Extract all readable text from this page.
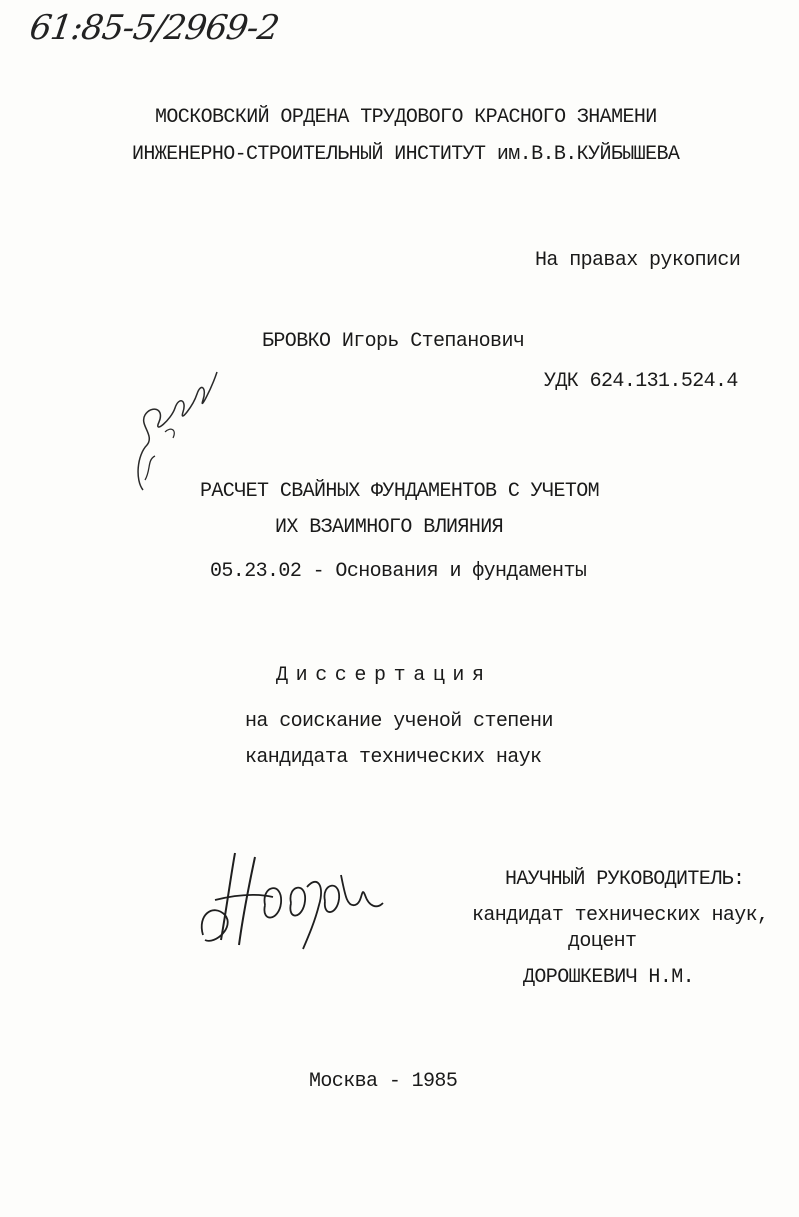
61:85-5/2969-2
МОСКОВСКИЙ ОРДЕНА ТРУДОВОГО КРАСНОГО ЗНАМЕНИ
ИНЖЕНЕРНО-СТРОИТЕЛЬНЫЙ ИНСТИТУТ им.В.В.КУЙБЫШЕВА
На правах рукописи
БРОВКО Игорь Степанович
УДК 624.131.524.4
РАСЧЕТ СВАЙНЫХ ФУНДАМЕНТОВ С УЧЕТОМ
ИХ ВЗАИМНОГО ВЛИЯНИЯ
05.23.02 - Основания и фундаменты
Диссертация
на соискание ученой степени
кандидата технических наук
НАУЧНЫЙ РУКОВОДИТЕЛЬ:
кандидат технических наук,
доцент
ДОРОШКЕВИЧ Н.М.
Москва - 1985
